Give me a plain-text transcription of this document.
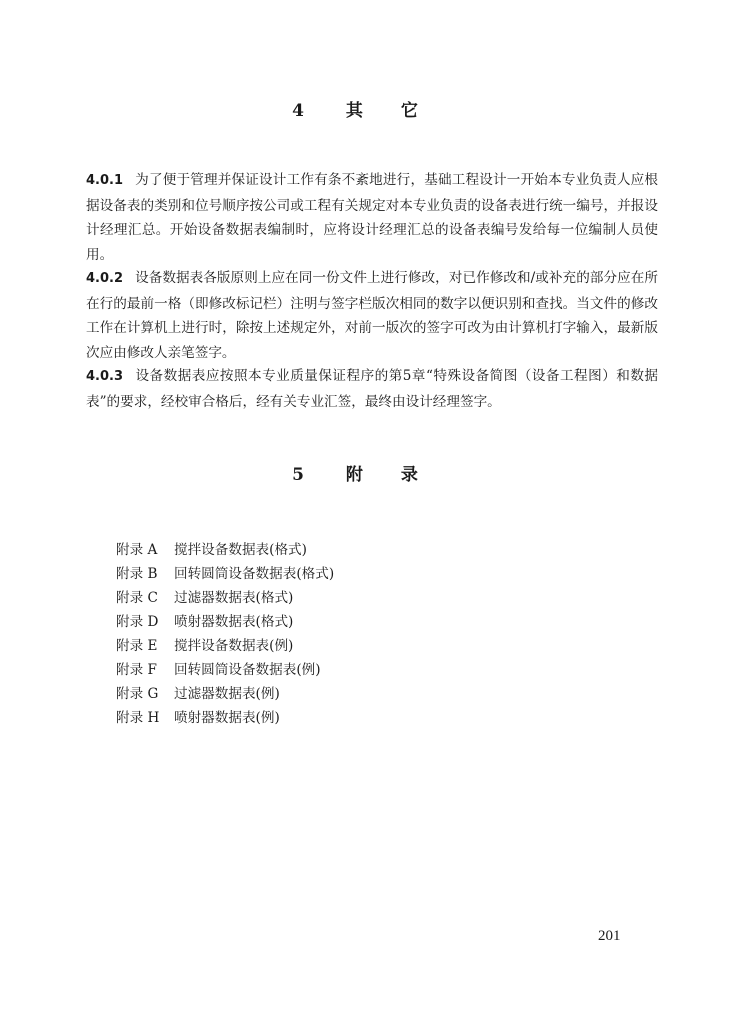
4 其 它
4.0.1 为了便于管理并保证设计工作有条不紊地进行，基础工程设计一开始本专业负责人应根据设备表的类别和位号顺序按公司或工程有关规定对本专业负责的设备表进行统一编号，并报设计经理汇总。开始设备数据表编制时，应将设计经理汇总的设备表编号发给每一位编制人员使用。
4.0.2 设备数据表各版原则上应在同一份文件上进行修改，对已作修改和/或补充的部分应在所在行的最前一格（即修改标记栏）注明与签字栏版次相同的数字以便识别和查找。当文件的修改工作在计算机上进行时，除按上述规定外，对前一版次的签字可改为由计算机打字输入，最新版次应由修改人亲笔签字。
4.0.3 设备数据表应按照本专业质量保证程序的第5章“特殊设备简图（设备工程图）和数据表”的要求，经校审合格后，经有关专业汇签，最终由设计经理签字。
5 附 录
附录 A 搅拌设备数据表(格式)
附录 B 回转圆筒设备数据表(格式)
附录 C 过滤器数据表(格式)
附录 D 喷射器数据表(格式)
附录 E 搅拌设备数据表(例)
附录 F 回转圆筒设备数据表(例)
附录 G 过滤器数据表(例)
附录 H 喷射器数据表(例)
201
